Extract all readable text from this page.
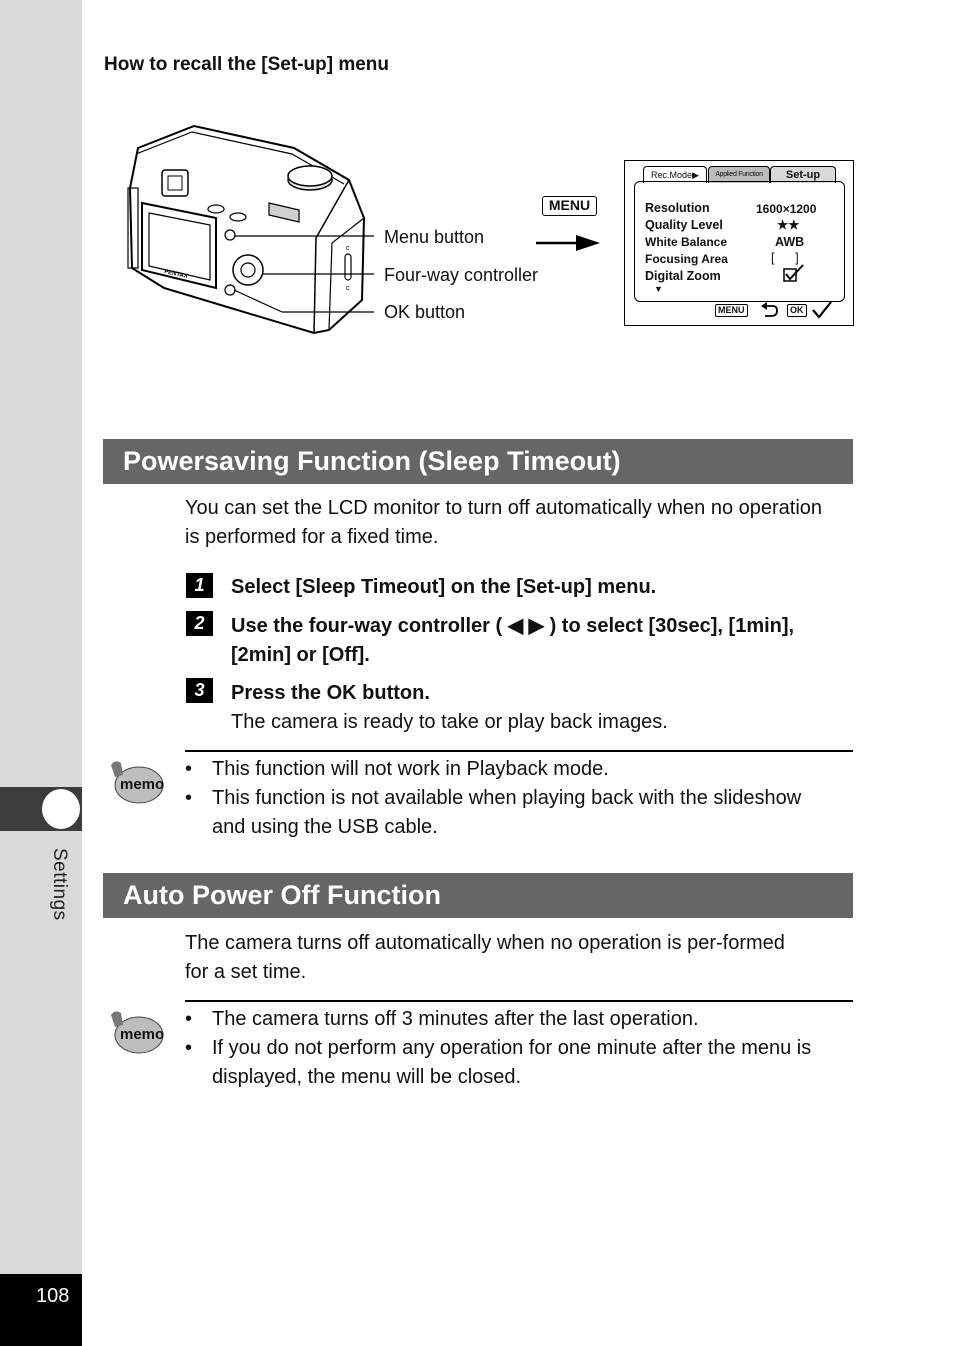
Settings
108
How to recall the [Set-up] menu
PENTAX
c
c
Menu button
Four-way controller
OK button
MENU
Rec.Mode▶	Applied Function	Set-up
Resolution	1600×1200
Quality Level	★★
White Balance	AWB
Focusing Area	[      ]
Digital Zoom
▼
MENU	OK
Powersaving Function (Sleep Timeout)
You can set the LCD monitor to turn off automatically when no operation is performed for a fixed time.
1	Select [Sleep Timeout] on the [Set-up] menu.
2	Use the four-way controller ( ◀ ▶ ) to select [30sec], [1min], [2min] or [Off].
3	Press the OK button.
The camera is ready to take or play back images.
memo
• This function will not work in Playback mode.
• This function is not available when playing back with the slideshow and using the USB cable.
Auto Power Off Function
The camera turns off automatically when no operation is per-formed for a set time.
memo
• The camera turns off 3 minutes after the last operation.
• If you do not perform any operation for one minute after the menu is displayed, the menu will be closed.
